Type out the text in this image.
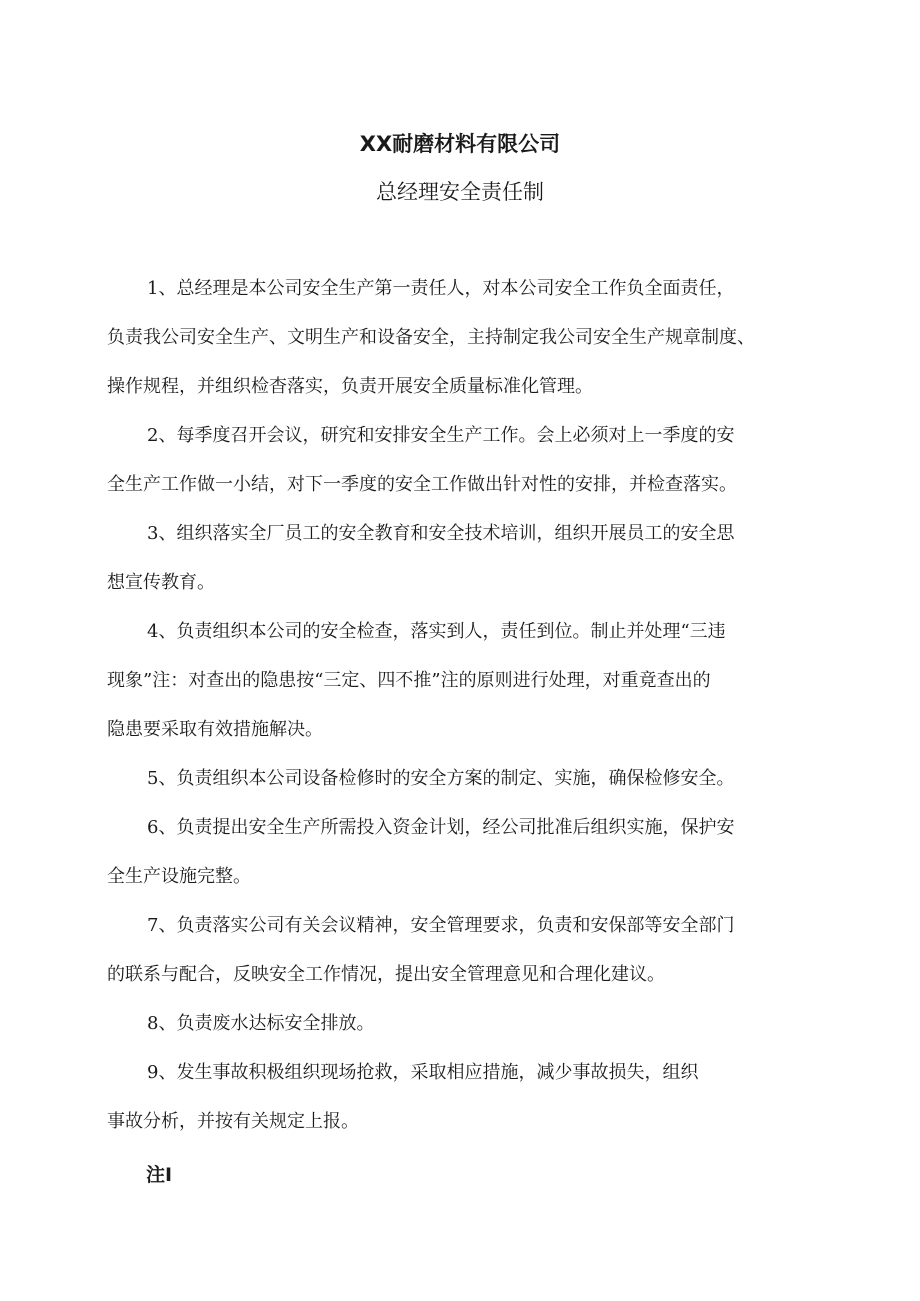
XX耐磨材料有限公司
总经理安全责任制
1、总经理是本公司安全生产第一责任人，对本公司安全工作负全面责任，
负责我公司安全生产、文明生产和设备安全，主持制定我公司安全生产规章制度、
操作规程，并组织检杳落实，负责开展安全质量标准化管理。
2、每季度召开会议，研究和安排安全生产工作。会上必须对上一季度的安
全生产工作做一小结，对下一季度的安全工作做出针对性的安排，并检查落实。
3、组织落实全厂员工的安全教育和安全技术培训，组织开展员工的安全思
想宣传教育。
4、负责组织本公司的安全检查，落实到人，责任到位。制止并处理“三违
现象”注：对查出的隐患按“三定、四不推”注的原则进行处理，对重竟查出的
隐患要采取有效措施解决。
5、负责组织本公司设备检修时的安全方案的制定、实施，确保检修安全。
6、负责提出安全生产所需投入资金计划，经公司批准后组织实施，保护安
全生产设施完整。
7、负责落实公司有关会议精神，安全管理要求，负责和安保部等安全部门
的联系与配合，反映安全工作情况，提出安全管理意见和合理化建议。
8、负责废水达标安全排放。
9、发生事故积极组织现场抢救，采取相应措施，减少事故损失，组织
事故分析，并按有关规定上报。
注I
